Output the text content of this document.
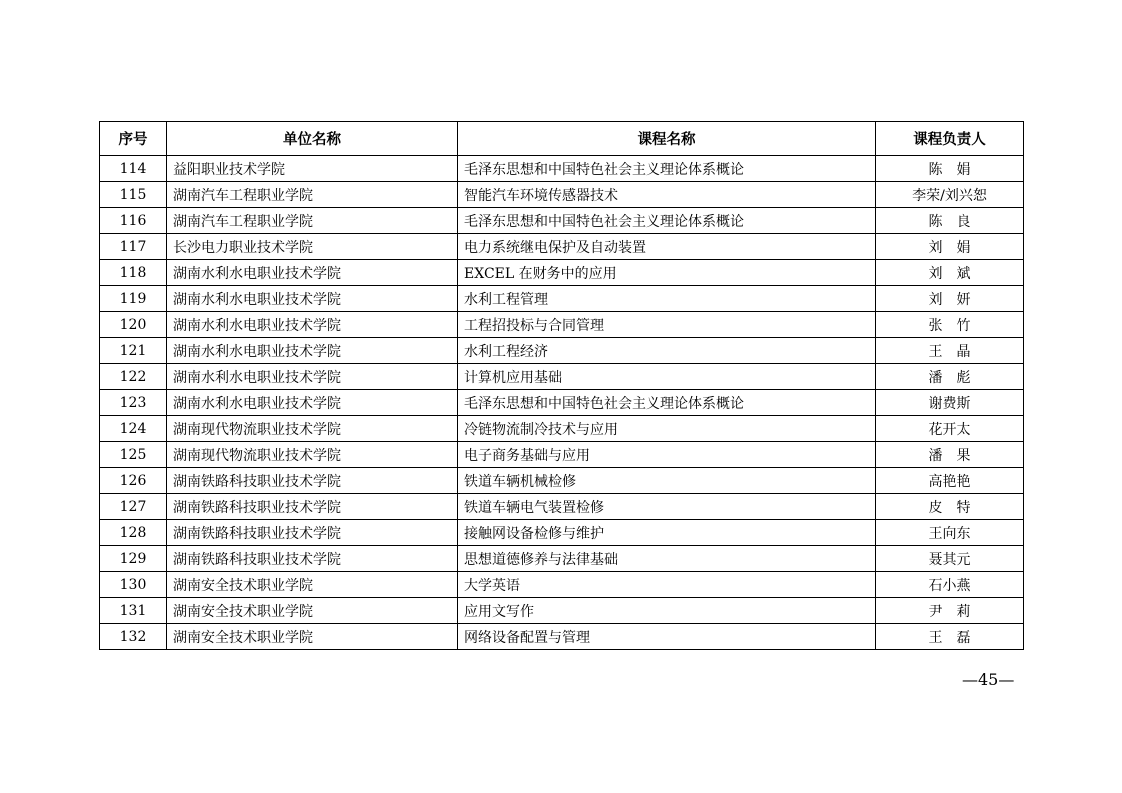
序号	单位名称	课程名称	课程负责人
114	益阳职业技术学院	毛泽东思想和中国特色社会主义理论体系概论	陈　娟
115	湖南汽车工程职业学院	智能汽车环境传感器技术	李荣/刘兴恕
116	湖南汽车工程职业学院	毛泽东思想和中国特色社会主义理论体系概论	陈　良
117	长沙电力职业技术学院	电力系统继电保护及自动装置	刘　娟
118	湖南水利水电职业技术学院	EXCEL 在财务中的应用	刘　斌
119	湖南水利水电职业技术学院	水利工程管理	刘　妍
120	湖南水利水电职业技术学院	工程招投标与合同管理	张　竹
121	湖南水利水电职业技术学院	水利工程经济	王　晶
122	湖南水利水电职业技术学院	计算机应用基础	潘　彪
123	湖南水利水电职业技术学院	毛泽东思想和中国特色社会主义理论体系概论	谢费斯
124	湖南现代物流职业技术学院	冷链物流制冷技术与应用	花开太
125	湖南现代物流职业技术学院	电子商务基础与应用	潘　果
126	湖南铁路科技职业技术学院	铁道车辆机械检修	高艳艳
127	湖南铁路科技职业技术学院	铁道车辆电气装置检修	皮　特
128	湖南铁路科技职业技术学院	接触网设备检修与维护	王向东
129	湖南铁路科技职业技术学院	思想道德修养与法律基础	聂其元
130	湖南安全技术职业学院	大学英语	石小燕
131	湖南安全技术职业学院	应用文写作	尹　莉
132	湖南安全技术职业学院	网络设备配置与管理	王　磊
—45—
